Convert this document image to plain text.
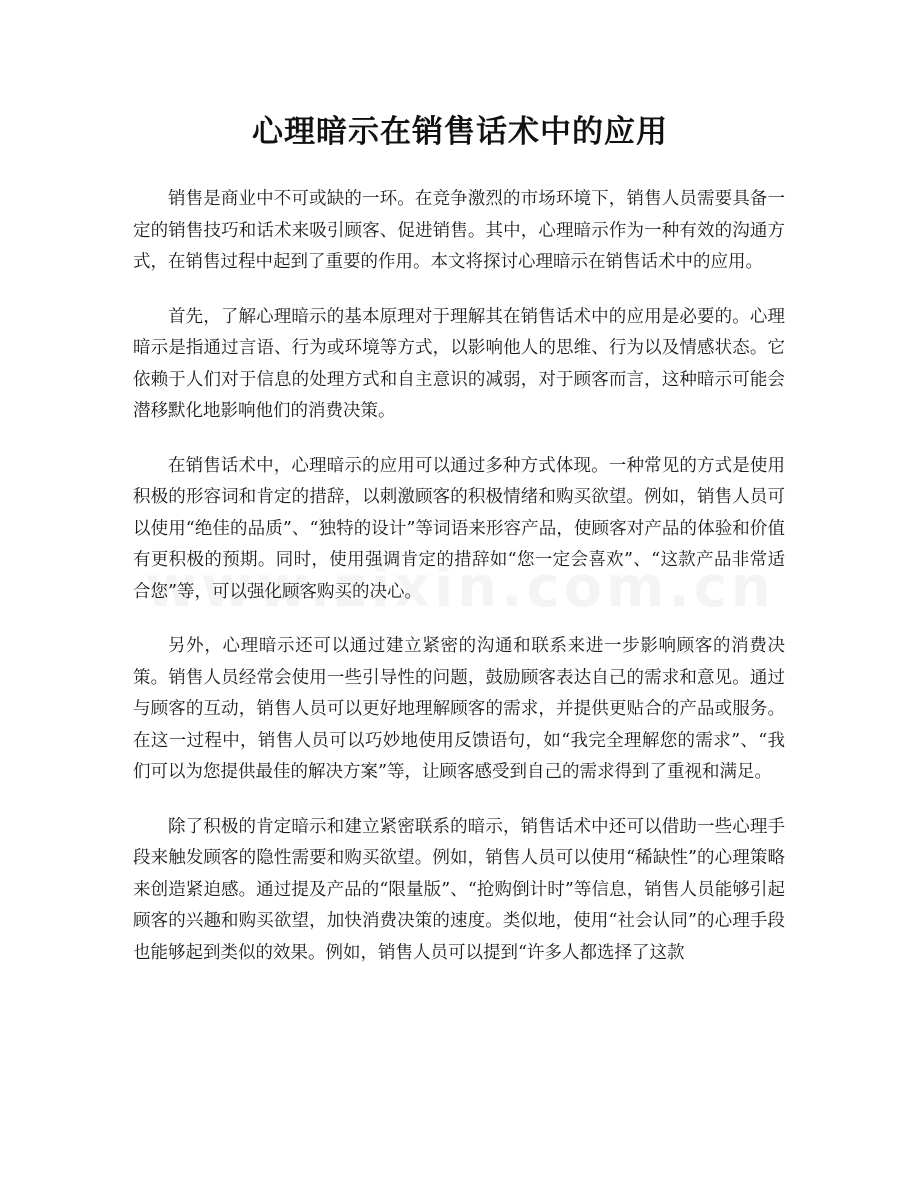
心理暗示在销售话术中的应用

销售是商业中不可或缺的一环。在竞争激烈的市场环境下，销售人员需要具备一定的销售技巧和话术来吸引顾客、促进销售。其中，心理暗示作为一种有效的沟通方式，在销售过程中起到了重要的作用。本文将探讨心理暗示在销售话术中的应用。

首先，了解心理暗示的基本原理对于理解其在销售话术中的应用是必要的。心理暗示是指通过言语、行为或环境等方式，以影响他人的思维、行为以及情感状态。它依赖于人们对于信息的处理方式和自主意识的减弱，对于顾客而言，这种暗示可能会潜移默化地影响他们的消费决策。

在销售话术中，心理暗示的应用可以通过多种方式体现。一种常见的方式是使用积极的形容词和肯定的措辞，以刺激顾客的积极情绪和购买欲望。例如，销售人员可以使用“绝佳的品质”、“独特的设计”等词语来形容产品，使顾客对产品的体验和价值有更积极的预期。同时，使用强调肯定的措辞如“您一定会喜欢”、“这款产品非常适合您”等，可以强化顾客购买的决心。

另外，心理暗示还可以通过建立紧密的沟通和联系来进一步影响顾客的消费决策。销售人员经常会使用一些引导性的问题，鼓励顾客表达自己的需求和意见。通过与顾客的互动，销售人员可以更好地理解顾客的需求，并提供更贴合的产品或服务。在这一过程中，销售人员可以巧妙地使用反馈语句，如“我完全理解您的需求”、“我们可以为您提供最佳的解决方案”等，让顾客感受到自己的需求得到了重视和满足。

除了积极的肯定暗示和建立紧密联系的暗示，销售话术中还可以借助一些心理手段来触发顾客的隐性需要和购买欲望。例如，销售人员可以使用“稀缺性”的心理策略来创造紧迫感。通过提及产品的“限量版”、“抢购倒计时”等信息，销售人员能够引起顾客的兴趣和购买欲望，加快消费决策的速度。类似地，使用“社会认同”的心理手段也能够起到类似的效果。例如，销售人员可以提到“许多人都选择了这款
